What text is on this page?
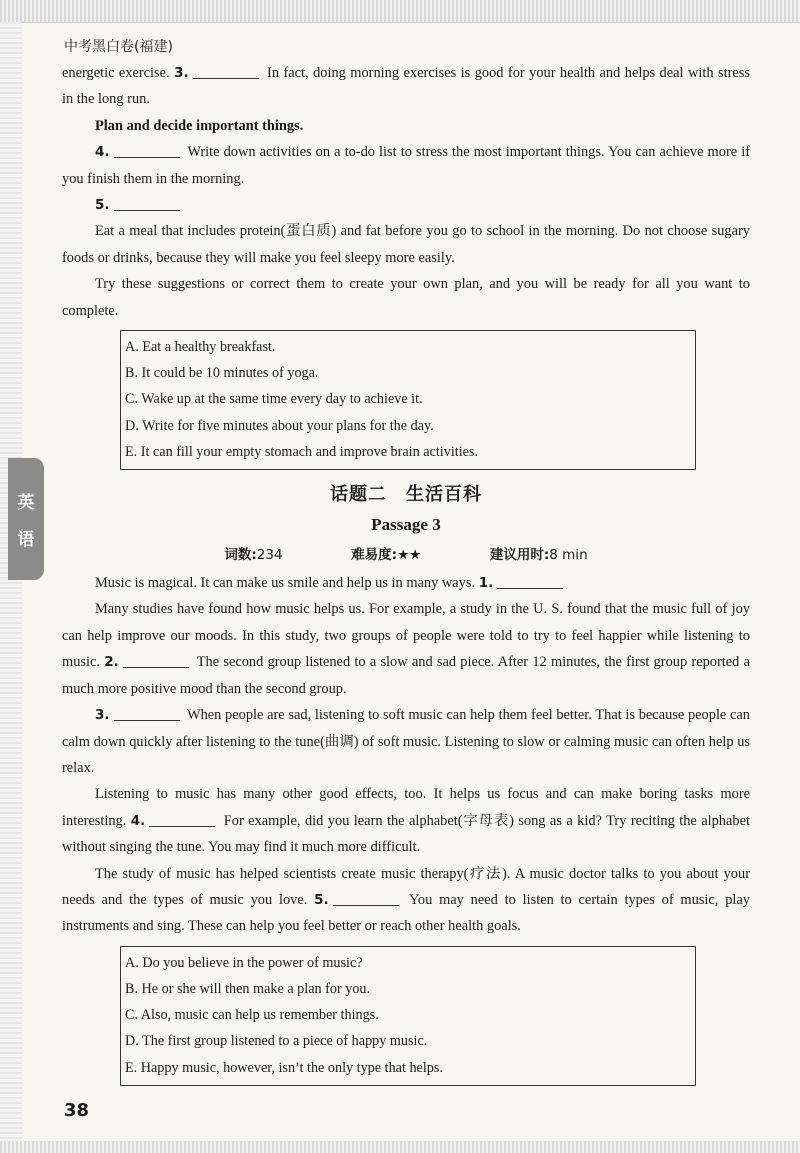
英
语
中考黑白卷(福建)

energetic exercise. 3.	In fact, doing morning exercises is good for your health and helps deal with stress in the long run.

Plan and decide important things.

4.	Write down activities on a to-do list to stress the most important things. You can achieve more if you finish them in the morning.

5.

Eat a meal that includes protein(蛋白质) and fat before you go to school in the morning. Do not choose sugary foods or drinks, because they will make you feel sleepy more easily.

Try these suggestions or correct them to create your own plan, and you will be ready for all you want to complete.

A. Eat a healthy breakfast.
B. It could be 10 minutes of yoga.
C. Wake up at the same time every day to achieve it.
D. Write for five minutes about your plans for the day.
E. It can fill your empty stomach and improve brain activities.
话题二　生活百科
Passage 3
词数:234	难易度:★★	建议用时:8 min

Music is magical. It can make us smile and help us in many ways. 1.

Many studies have found how music helps us. For example, a study in the U. S. found that the music full of joy can help improve our moods. In this study, two groups of people were told to try to feel happier while listening to music. 2.	The second group listened to a slow and sad piece. After 12 minutes, the first group reported a much more positive mood than the second group.

3.	When people are sad, listening to soft music can help them feel better. That is because people can calm down quickly after listening to the tune(曲调) of soft music. Listening to slow or calming music can often help us relax.

Listening to music has many other good effects, too. It helps us focus and can make boring tasks more interesting. 4.	For example, did you learn the alphabet(字母表) song as a kid? Try reciting the alphabet without singing the tune. You may find it much more difficult.

The study of music has helped scientists create music therapy(疗法). A music doctor talks to you about your needs and the types of music you love. 5.	You may need to listen to certain types of music, play instruments and sing. These can help you feel better or reach other health goals.

A. Do you believe in the power of music?
B. He or she will then make a plan for you.
C. Also, music can help us remember things.
D. The first group listened to a piece of happy music.
E. Happy music, however, isn’t the only type that helps.
38
